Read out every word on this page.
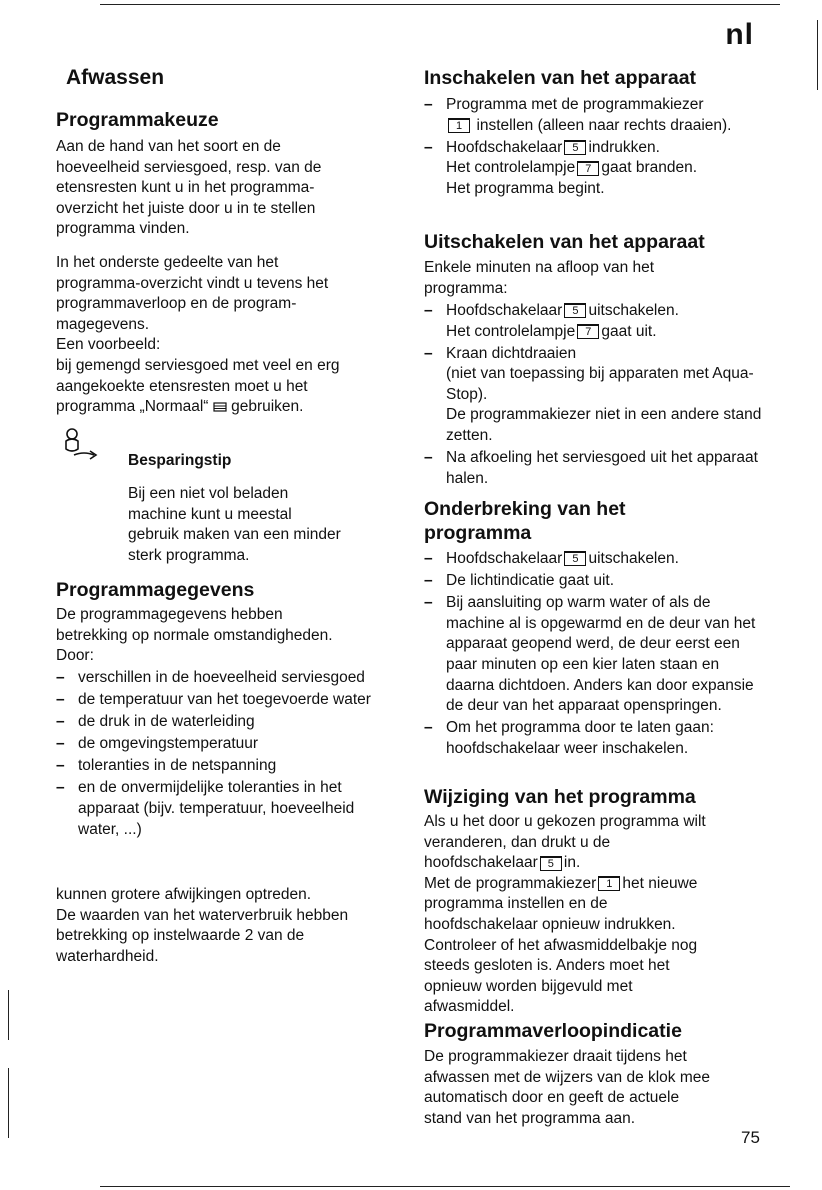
nl
Afwassen
Programmakeuze
Aan de hand van het soort en de
hoeveelheid serviesgoed, resp. van de
etensresten kunt u in het programma-
overzicht het juiste door u in te stellen
programma vinden.
In het onderste gedeelte van het
programma-overzicht vindt u tevens het
programmaverloop en de program-
magegevens.
Een voorbeeld:
bij gemengd serviesgoed met veel en erg
aangekoekte etensresten moet u het
programma „Normaal“ gebruiken.
Besparingstip
Bij een niet vol beladen
machine kunt u meestal
gebruik maken van een minder
sterk programma.
Programmagegevens
De programmagegevens hebben
betrekking op normale omstandigheden.
Door:
– verschillen in de hoeveelheid serviesgoed
– de temperatuur van het toegevoerde water
– de druk in de waterleiding
– de omgevingstemperatuur
– toleranties in de netspanning
– en de onvermijdelijke toleranties in het apparaat (bijv. temperatuur, hoeveelheid water, ...)
kunnen grotere afwijkingen optreden.
De waarden van het waterverbruik hebben
betrekking op instelwaarde 2 van de
waterhardheid.
Inschakelen van het apparaat
– Programma met de programmakiezer
1 instellen (alleen naar rechts draaien).
– Hoofdschakelaar 5 indrukken.
Het controlelampje 7 gaat branden.
Het programma begint.
Uitschakelen van het apparaat
Enkele minuten na afloop van het
programma:
– Hoofdschakelaar 5 uitschakelen.
Het controlelampje 7 gaat uit.
– Kraan dichtdraaien
(niet van toepassing bij apparaten met Aqua-Stop).
De programmakiezer niet in een andere stand zetten.
– Na afkoeling het serviesgoed uit het apparaat halen.
Onderbreking van het
programma
– Hoofdschakelaar 5 uitschakelen.
– De lichtindicatie gaat uit.
– Bij aansluiting op warm water of als de machine al is opgewarmd en de deur van het apparaat geopend werd, de deur eerst een paar minuten op een kier laten staan en daarna dichtdoen. Anders kan door expansie de deur van het apparaat openspringen.
– Om het programma door te laten gaan: hoofdschakelaar weer inschakelen.
Wijziging van het programma
Als u het door u gekozen programma wilt
veranderen, dan drukt u de
hoofdschakelaar 5 in.
Met de programmakiezer 1 het nieuwe
programma instellen en de
hoofdschakelaar opnieuw indrukken.
Controleer of het afwasmiddelbakje nog
steeds gesloten is. Anders moet het
opnieuw worden bijgevuld met
afwasmiddel.
Programmaverloopindicatie
De programmakiezer draait tijdens het
afwassen met de wijzers van de klok mee
automatisch door en geeft de actuele
stand van het programma aan.
75
